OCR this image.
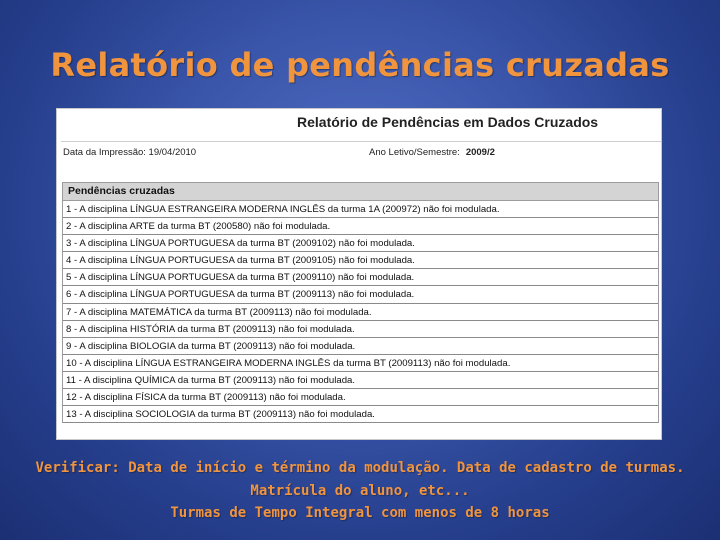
Relatório de pendências cruzadas
Relatório de Pendências em Dados Cruzados
Data da Impressão: 19/04/2010	Ano Letivo/Semestre: 2009/2
Pendências cruzadas
1 - A disciplina LÍNGUA ESTRANGEIRA MODERNA INGLÊS da turma 1A (200972) não foi modulada.
2 - A disciplina ARTE da turma BT (200580) não foi modulada.
3 - A disciplina LÍNGUA PORTUGUESA da turma BT (2009102) não foi modulada.
4 - A disciplina LÍNGUA PORTUGUESA da turma BT (2009105) não foi modulada.
5 - A disciplina LÍNGUA PORTUGUESA da turma BT (2009110) não foi modulada.
6 - A disciplina LÍNGUA PORTUGUESA da turma BT (2009113) não foi modulada.
7 - A disciplina MATEMÁTICA da turma BT (2009113) não foi modulada.
8 - A disciplina HISTÓRIA da turma BT (2009113) não foi modulada.
9 - A disciplina BIOLOGIA da turma BT (2009113) não foi modulada.
10 - A disciplina LÍNGUA ESTRANGEIRA MODERNA INGLÊS da turma BT (2009113) não foi modulada.
11 - A disciplina QUÍMICA da turma BT (2009113) não foi modulada.
12 - A disciplina FÍSICA da turma BT (2009113) não foi modulada.
13 - A disciplina SOCIOLOGIA da turma BT (2009113) não foi modulada.
Verificar: Data de início e término da modulação. Data de cadastro de turmas.
Matrícula do aluno, etc...
Turmas de Tempo Integral com menos de 8 horas
